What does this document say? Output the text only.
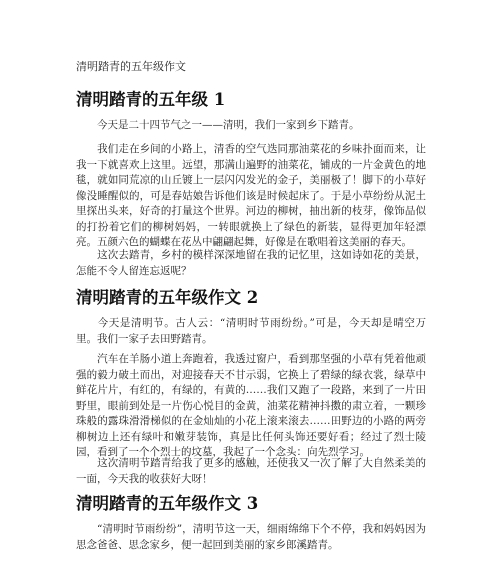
清明踏青的五年级作文
清明踏青的五年级 1
今天是二十四节气之一——清明，我们一家到乡下踏青。
我们走在乡间的小路上，清香的空气迭同那油菜花的乡味扑面而来，让我一下就喜欢上这里。远望，那满山遍野的油菜花，铺成的一片金黄色的地毯，就如同荒凉的山丘镀上一层闪闪发光的金子，美丽极了！脚下的小草好像没睡醒似的，可是春姑娘告诉他们该是时候起床了。于是小草纷纷从泥土里探出头来，好奇的打量这个世界。河边的柳树，抽出新的枝芽，像饰品似的打扮着它们的柳树妈妈，一转眼就换上了绿色的新装，显得更加年轻漂亮。五颜六色的蝴蝶在花丛中翩翩起舞，好像是在歌唱着这美丽的春天。
这次去踏青，乡村的模样深深地留在我的记忆里，这如诗如花的美景，怎能不令人留连忘返呢？
清明踏青的五年级作文 2
今天是清明节。古人云：“清明时节雨纷纷。”可是，今天却是晴空万里。我们一家子去田野踏青。
汽车在羊肠小道上奔跑着，我透过窗户，看到那坚强的小草有凭着他顽强的毅力破土而出，对迎接春天不甘示弱，它换上了碧绿的绿衣裳，绿草中鲜花片片，有红的，有绿的，有黄的……我们又跑了一段路，来到了一片田野里，眼前到处是一片伤心悦目的金黄，油菜花精神抖擞的肃立着，一颗珍珠般的露珠滑滑梯似的在金灿灿的小花上滚来滚去……田野边的小路的两旁柳树边上还有绿叶和嫩芽装饰，真是比任何头饰还要好看；经过了烈士陵园，看到了一个个烈士的坟墓，我起了一个念头：向先烈学习。
这次清明节踏青给我了更多的感触，还使我又一次了解了大自然柔美的一面，今天我的收获好大呀！
清明踏青的五年级作文 3
“清明时节雨纷纷”，清明节这一天，细雨绵绵下个不停，我和妈妈因为思念爸爸、思念家乡，便一起回到美丽的家乡郎溪踏青。
